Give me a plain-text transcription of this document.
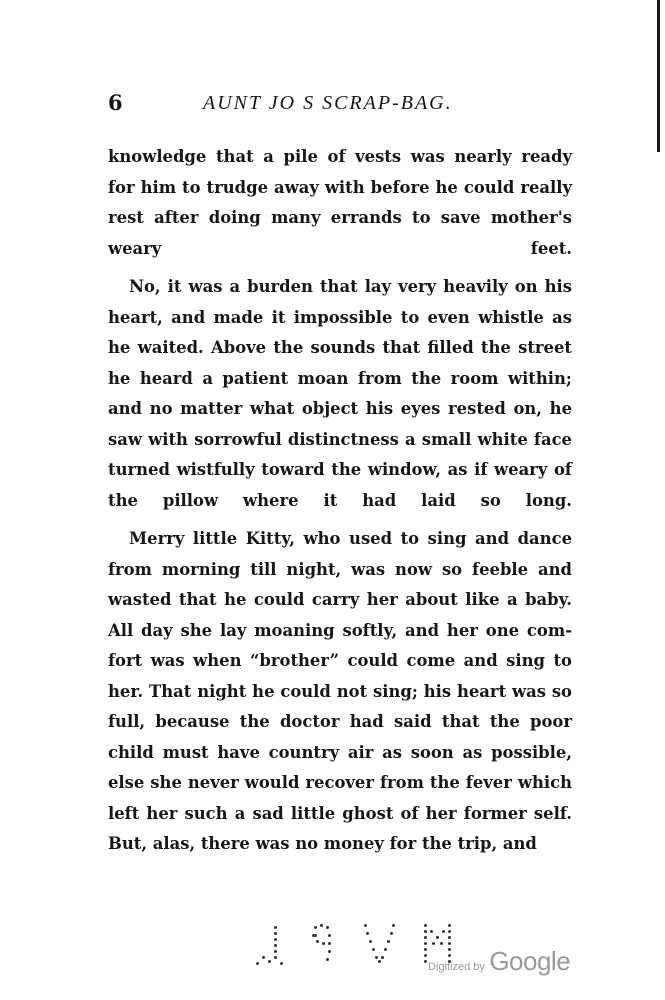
6	AUNT JO S SCRAP-BAG.

knowledge that a pile of vests was nearly ready for him to trudge away with before he could really rest after doing many errands to save mother's weary feet.

No, it was a burden that lay very heavily on his heart, and made it impossible to even whistle as he waited. Above the sounds that filled the street he heard a patient moan from the room within; and no matter what object his eyes rested on, he saw with sorrowful distinctness a small white face turned wistfully toward the window, as if weary of the pillow where it had laid so long.

Merry little Kitty, who used to sing and dance from morning till night, was now so feeble and wasted that he could carry her about like a baby. All day she lay moaning softly, and her one com- fort was when “brother” could come and sing to her. That night he could not sing; his heart was so full, because the doctor had said that the poor child must have country air as soon as possible, else she never would recover from the fever which left her such a sad little ghost of her former self. But, alas, there was no money for the trip, and

Digitized by Google
